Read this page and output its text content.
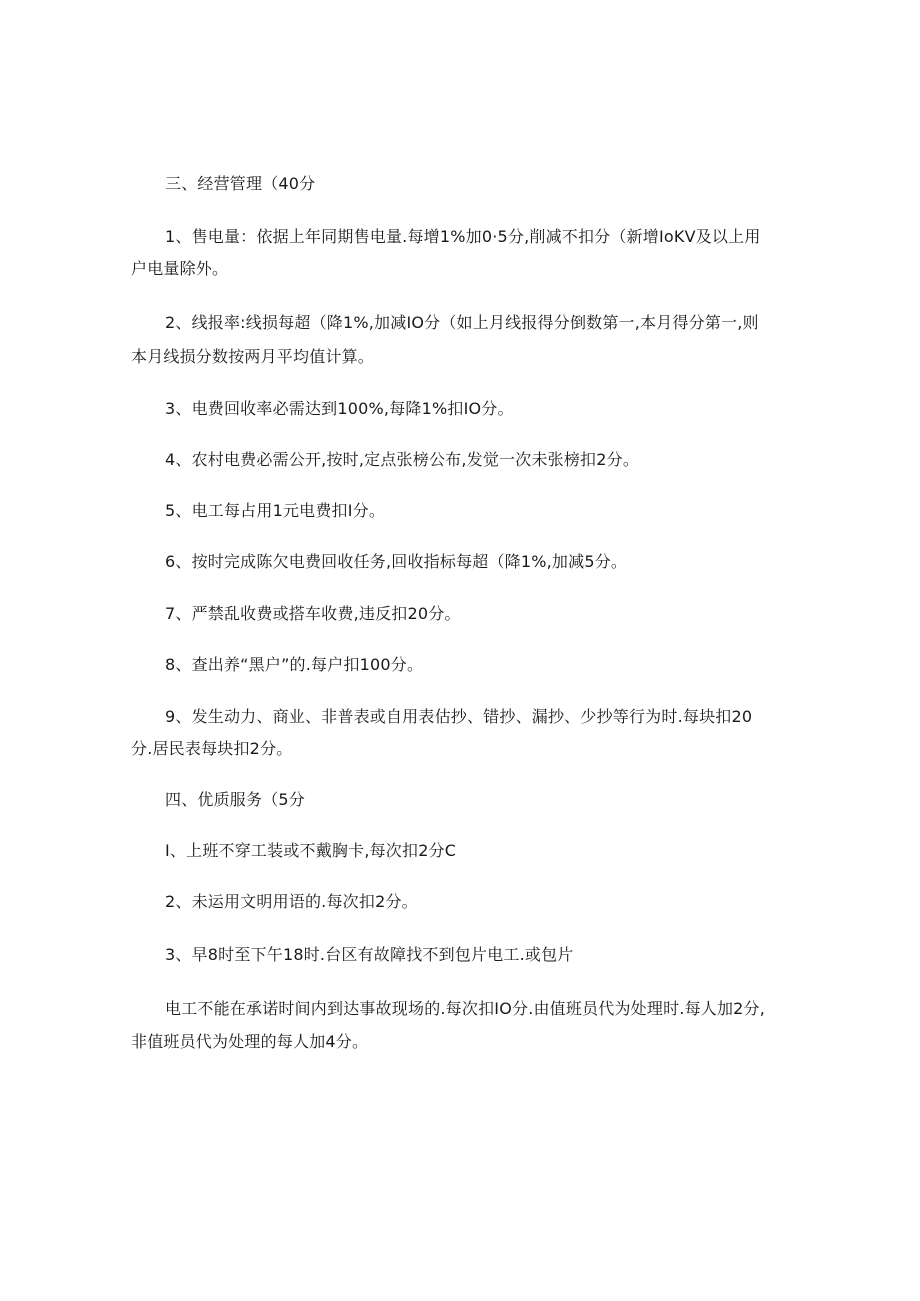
三、经营管理（40分
1、售电量：依据上年同期售电量.每增1%加0·5分,削减不扣分（新增IoKV及以上用
户电量除外。
2、线报率:线损每超（降1%,加减IO分（如上月线报得分倒数第一,本月得分第一,则
本月线损分数按两月平均值计算。
3、电费回收率必需达到100%,每降1%扣IO分。
4、农村电费必需公开,按时,定点张榜公布,发觉一次未张榜扣2分。
5、电工每占用1元电费扣I分。
6、按时完成陈欠电费回收任务,回收指标每超（降1%,加减5分。
7、严禁乱收费或搭车收费,违反扣20分。
8、查出养“黑户”的.每户扣100分。
9、发生动力、商业、非普表或自用表估抄、错抄、漏抄、少抄等行为时.每块扣20
分.居民表每块扣2分。
四、优质服务（5分
I、上班不穿工装或不戴胸卡,每次扣2分C
2、未运用文明用语的.每次扣2分。
3、早8时至下午18时.台区有故障找不到包片电工.或包片
电工不能在承诺时间内到达事故现场的.每次扣IO分.由值班员代为处理时.每人加2分,
非值班员代为处理的每人加4分。
